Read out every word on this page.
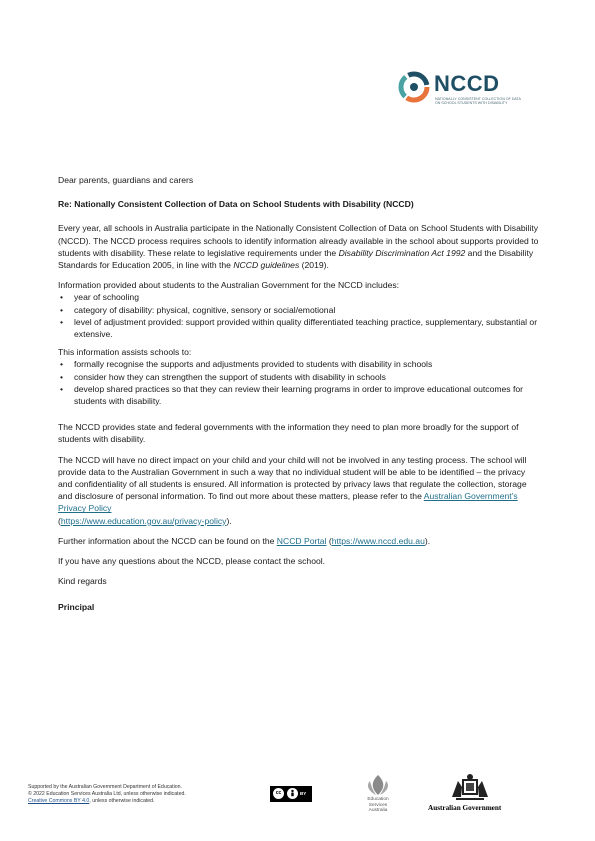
NCCD
NATIONALLY CONSISTENT COLLECTION OF DATA
ON SCHOOL STUDENTS WITH DISABILITY

Dear parents, guardians and carers

Re: Nationally Consistent Collection of Data on School Students with Disability (NCCD)

Every year, all schools in Australia participate in the Nationally Consistent Collection of Data on School Students with Disability (NCCD). The NCCD process requires schools to identify information already available in the school about supports provided to students with disability. These relate to legislative requirements under the Disability Discrimination Act 1992 and the Disability Standards for Education 2005, in line with the NCCD guidelines (2019).

Information provided about students to the Australian Government for the NCCD includes:

• year of schooling
• category of disability: physical, cognitive, sensory or social/emotional
• level of adjustment provided: support provided within quality differentiated teaching practice, supplementary, substantial or extensive.

This information assists schools to:

• formally recognise the supports and adjustments provided to students with disability in schools
• consider how they can strengthen the support of students with disability in schools
• develop shared practices so that they can review their learning programs in order to improve educational outcomes for students with disability.

The NCCD provides state and federal governments with the information they need to plan more broadly for the support of students with disability.

The NCCD will have no direct impact on your child and your child will not be involved in any testing process. The school will provide data to the Australian Government in such a way that no individual student will be able to be identified – the privacy and confidentiality of all students is ensured. All information is protected by privacy laws that regulate the collection, storage and disclosure of personal information. To find out more about these matters, please refer to the Australian Government’s Privacy Policy
(https://www.education.gov.au/privacy-policy).

Further information about the NCCD can be found on the NCCD Portal (https://www.nccd.edu.au).

If you have any questions about the NCCD, please contact the school.

Kind regards

Principal

Supported by the Australian Government Department of Education.
© 2022 Education Services Australia Ltd, unless otherwise indicated.
Creative Commons BY 4.0, unless otherwise indicated.
cc	BY
Education
Services
Australia	Australian Government
